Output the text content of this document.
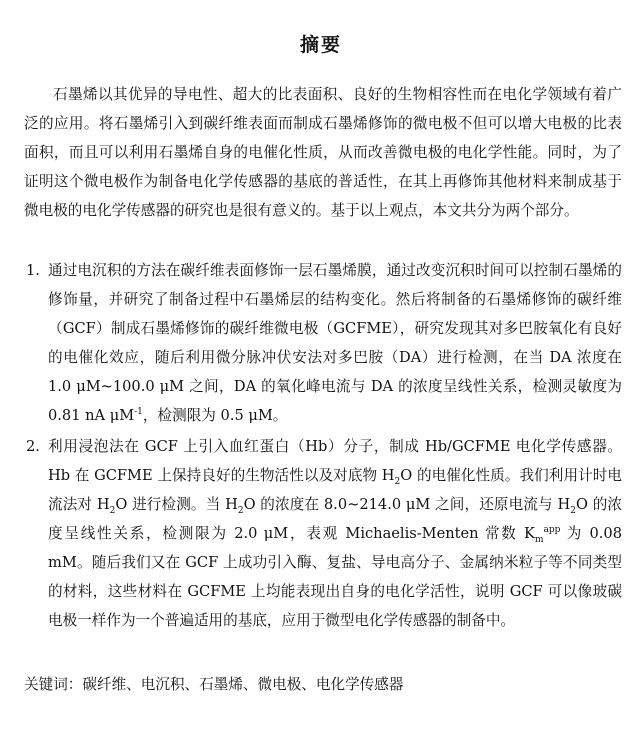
摘要

石墨烯以其优异的导电性、超大的比表面积、良好的生物相容性而在电化学领域有着广泛的应用。将石墨烯引入到碳纤维表面而制成石墨烯修饰的微电极不但可以增大电极的比表面积，而且可以利用石墨烯自身的电催化性质，从而改善微电极的电化学性能。同时，为了证明这个微电极作为制备电化学传感器的基底的普适性，在其上再修饰其他材料来制成基于微电极的电化学传感器的研究也是很有意义的。基于以上观点，本文共分为两个部分。

1. 通过电沉积的方法在碳纤维表面修饰一层石墨烯膜，通过改变沉积时间可以控制石墨烯的修饰量，并研究了制备过程中石墨烯层的结构变化。然后将制备的石墨烯修饰的碳纤维（GCF）制成石墨烯修饰的碳纤维微电极（GCFME），研究发现其对多巴胺氧化有良好的电催化效应，随后利用微分脉冲伏安法对多巴胺（DA）进行检测，在当 DA 浓度在 1.0 μM~100.0 μM 之间，DA 的氧化峰电流与 DA 的浓度呈线性关系，检测灵敏度为 0.81 nA $\mu M^{-1}$，检测限为 0.5 μM。
2. 利用浸泡法在 GCF 上引入血红蛋白（Hb）分子，制成 Hb/GCFME 电化学传感器。Hb 在 GCFME 上保持良好的生物活性以及对底物 $H_2O$ 的电催化性质。我们利用计时电流法对 $H_2O$ 进行检测。当 $H_2O$ 的浓度在 8.0~214.0 μM 之间，还原电流与 $H_2O$ 的浓度呈线性关系，检测限为 2.0 μM，表观 Michaelis-Menten 常数 $K_m^{app}$ 为 0.08 mM。随后我们又在 GCF 上成功引入酶、复盐、导电高分子、金属纳米粒子等不同类型的材料，这些材料在 GCFME 上均能表现出自身的电化学活性，说明 GCF 可以像玻碳电极一样作为一个普遍适用的基底，应用于微型电化学传感器的制备中。
关键词：碳纤维、电沉积、石墨烯、微电极、电化学传感器
